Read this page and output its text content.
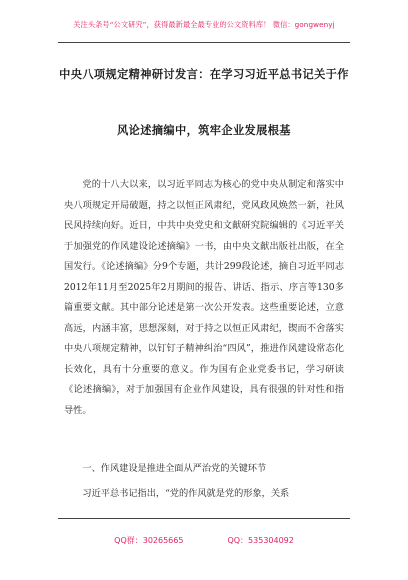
关注头条号“公文研究”，获得最新最全最专业的公文资料库！ 微信：gongwenyj
中央八项规定精神研讨发言：在学习习近平总书记关于作
风论述摘编中，筑牢企业发展根基

党的十八大以来，以习近平同志为核心的党中央从制定和落实中央八项规定开局破题，持之以恒正风肃纪，党风政风焕然一新，社风民风持续向好。近日，中共中央党史和文献研究院编辑的《习近平关于加强党的作风建设论述摘编》一书，由中央文献出版社出版，在全国发行。《论述摘编》分9个专题，共计299段论述，摘自习近平同志2012年11月至2025年2月期间的报告、讲话、指示、序言等130多篇重要文献。其中部分论述是第一次公开发表。这些重要论述，立意高远，内涵丰富，思想深刻，对于持之以恒正风肃纪，锲而不舍落实中央八项规定精神，以钉钉子精神纠治“四风”，推进作风建设常态化长效化，具有十分重要的意义。作为国有企业党委书记，学习研读《论述摘编》，对于加强国有企业作风建设，具有很强的针对性和指导性。

一、作风建设是推进全面从严治党的关键环节
习近平总书记指出，“党的作风就是党的形象，关系
QQ群：30265665	QQ：535304092
